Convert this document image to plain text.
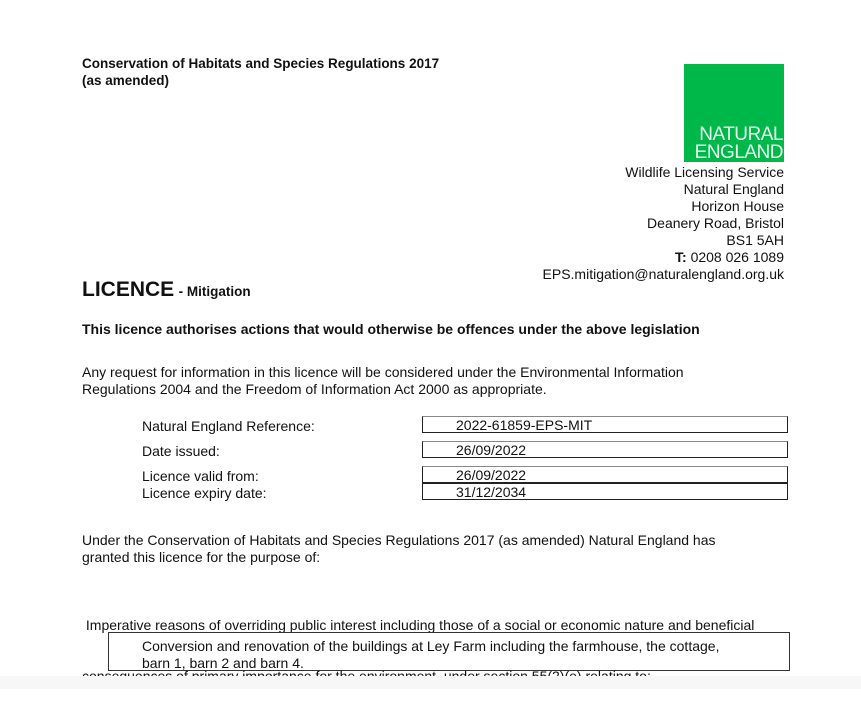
Conservation of Habitats and Species Regulations 2017
(as amended)
NATURAL
ENGLAND
Wildlife Licensing Service
Natural England
Horizon House
Deanery Road, Bristol
BS1 5AH
T: 0208 026 1089
EPS.mitigation@naturalengland.org.uk
LICENCE - Mitigation
This licence authorises actions that would otherwise be offences under the above legislation
Any request for information in this licence will be considered under the Environmental Information
Regulations 2004 and the Freedom of Information Act 2000 as appropriate.
Natural England Reference:	2022-61859-EPS-MIT
Date issued:	26/09/2022
Licence valid from:	26/09/2022
Licence expiry date:	31/12/2034
Under the Conservation of Habitats and Species Regulations 2017 (as amended) Natural England has
granted this licence for the purpose of:

Imperative reasons of overriding public interest including those of a social or economic nature and beneficial

Conversion and renovation of the buildings at Ley Farm including the farmhouse, the cottage,
barn 1, barn 2 and barn 4.
